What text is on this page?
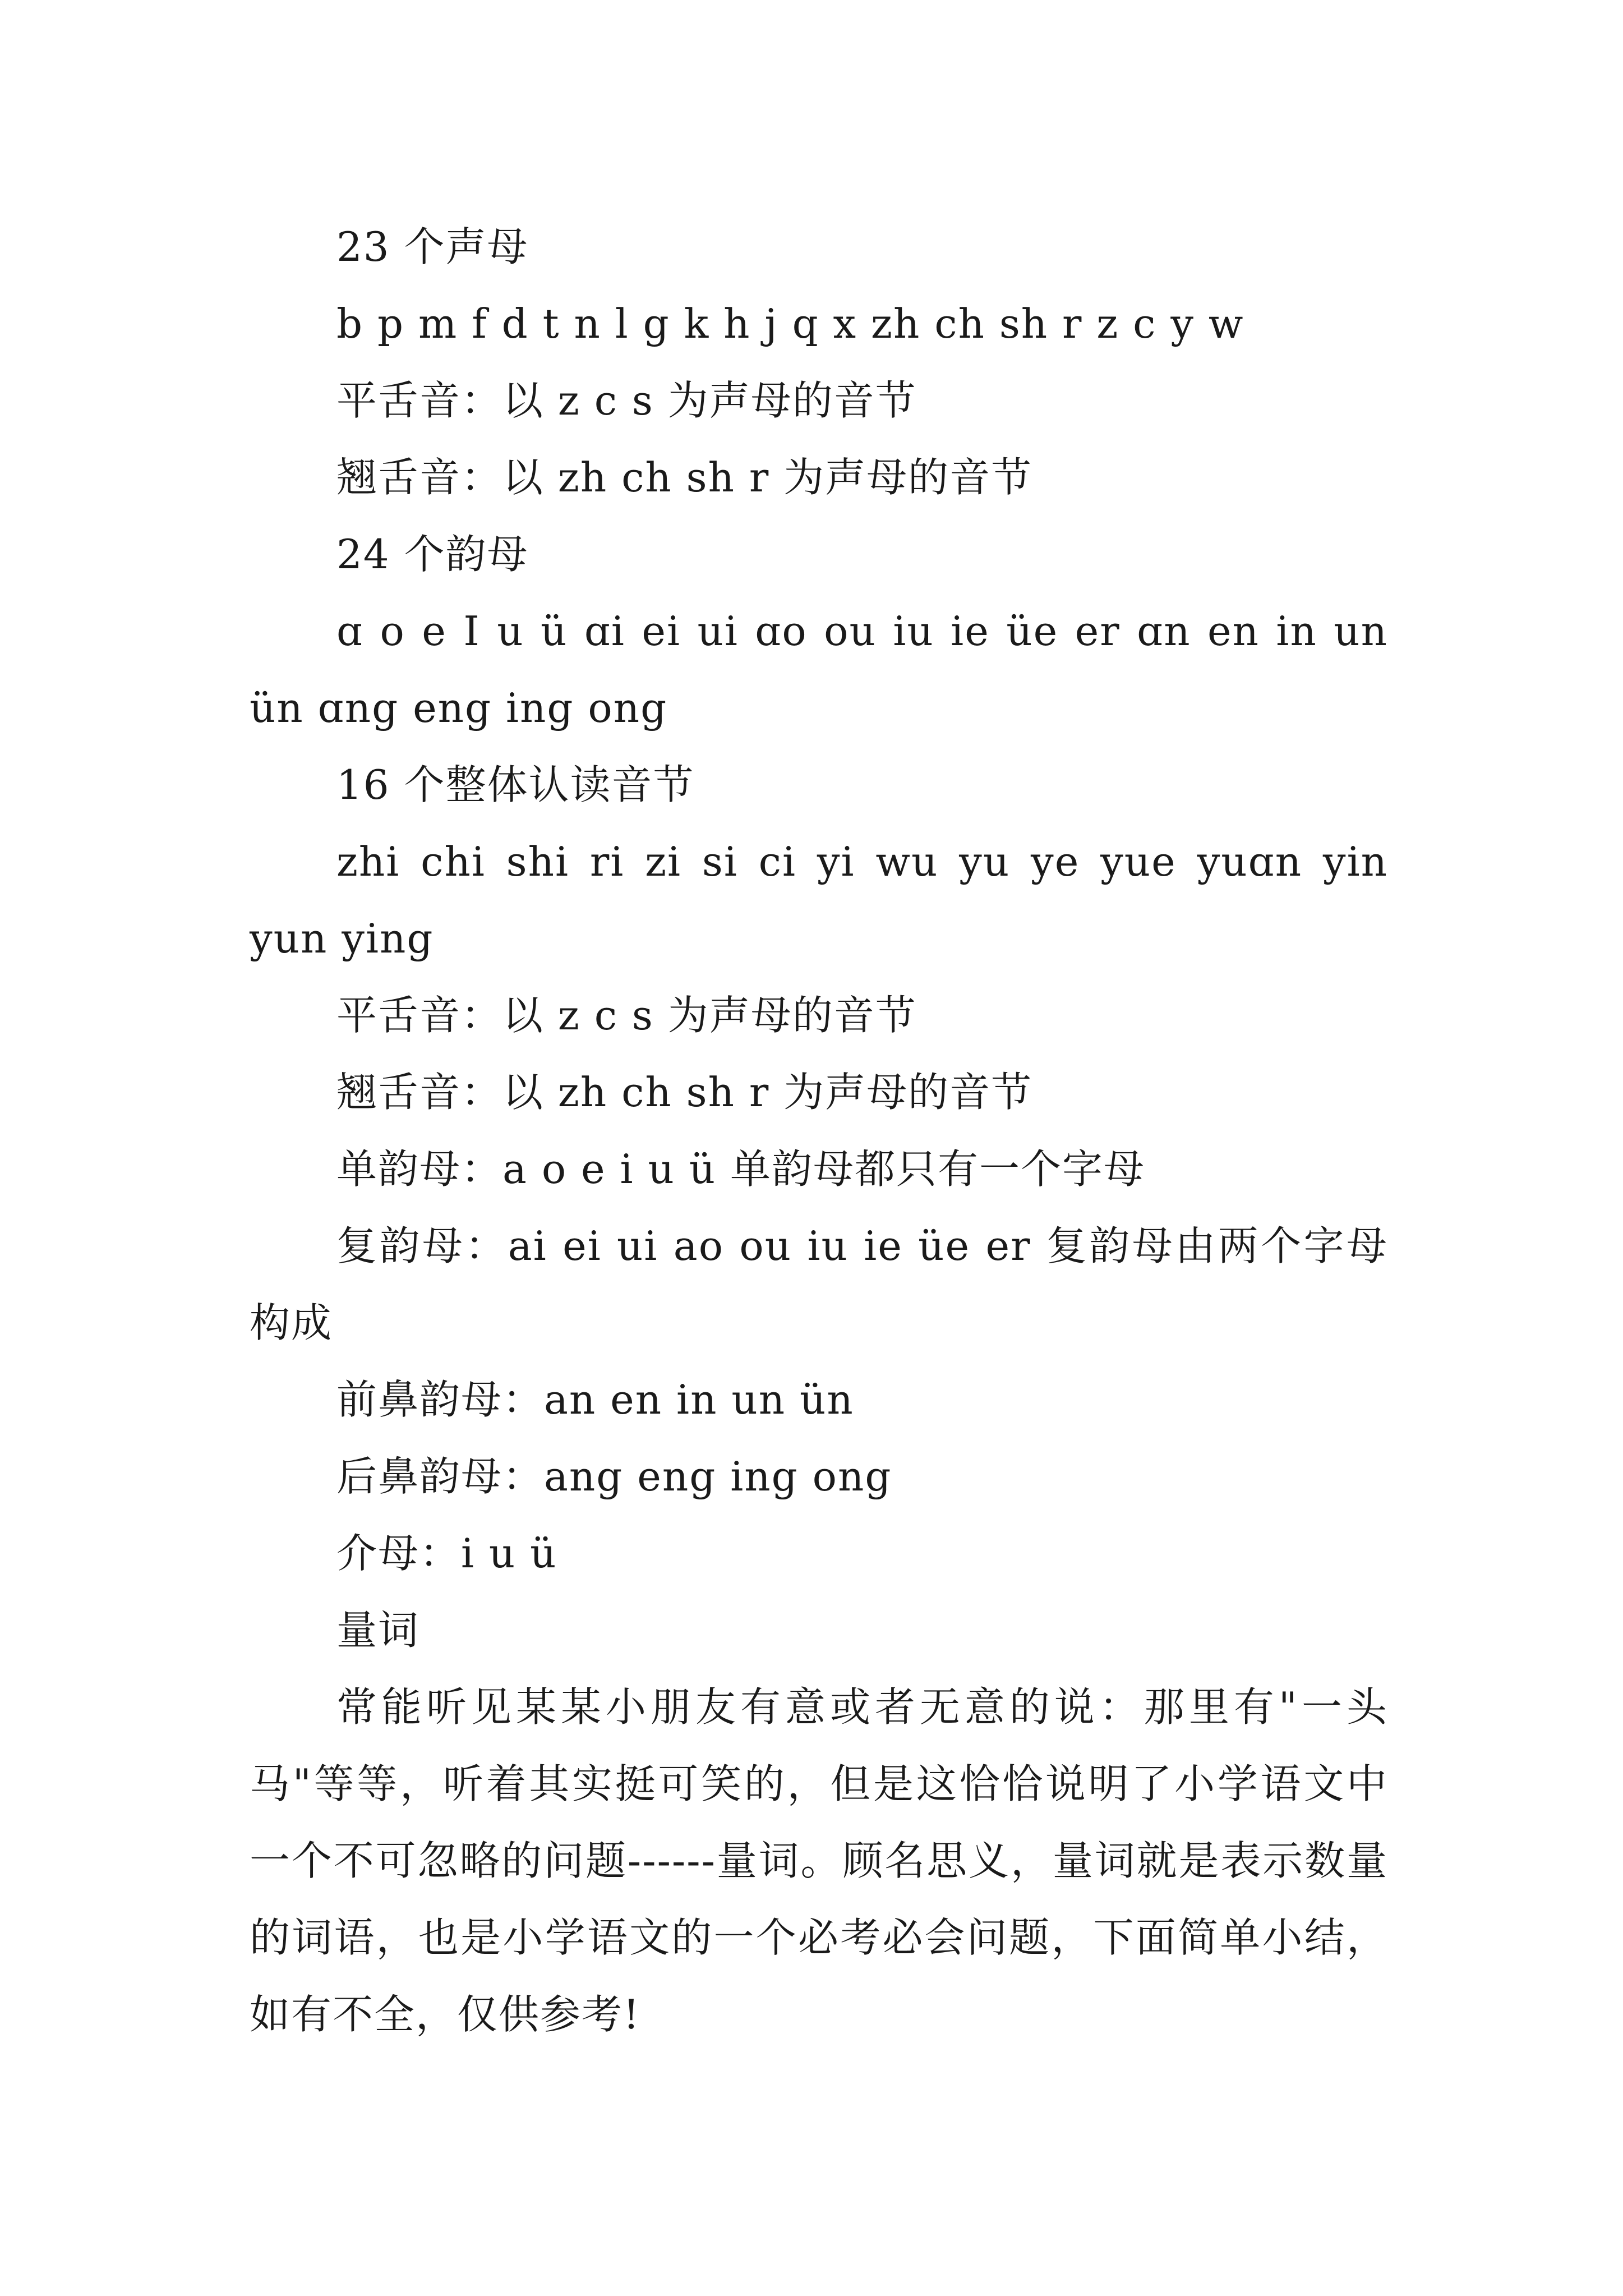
23 个声母

b p m f d t n l g k h j q x zh ch sh r z c y w

平舌音：以 z c s 为声母的音节

翘舌音：以 zh ch sh r 为声母的音节

24 个韵母

ɑ o e I u ü ɑi ei ui ɑo ou iu ie üe er ɑn en in un ün ɑng eng ing ong

16 个整体认读音节

zhi chi shi ri zi si ci yi wu yu ye yue yuɑn yin yun ying

平舌音：以 z c s 为声母的音节

翘舌音：以 zh ch sh r 为声母的音节

单韵母：a o e i u ü 单韵母都只有一个字母

复韵母：ai ei ui ao ou iu ie üe er 复韵母由两个字母构成

前鼻韵母：an en in un ün

后鼻韵母：ang eng ing ong

介母：i u ü

量词

常能听见某某小朋友有意或者无意的说：那里有"一头马"等等，听着其实挺可笑的，但是这恰恰说明了小学语文中一个不可忽略的问题------量词。顾名思义，量词就是表示数量的词语，也是小学语文的一个必考必会问题，下面简单小结，如有不全，仅供参考!
